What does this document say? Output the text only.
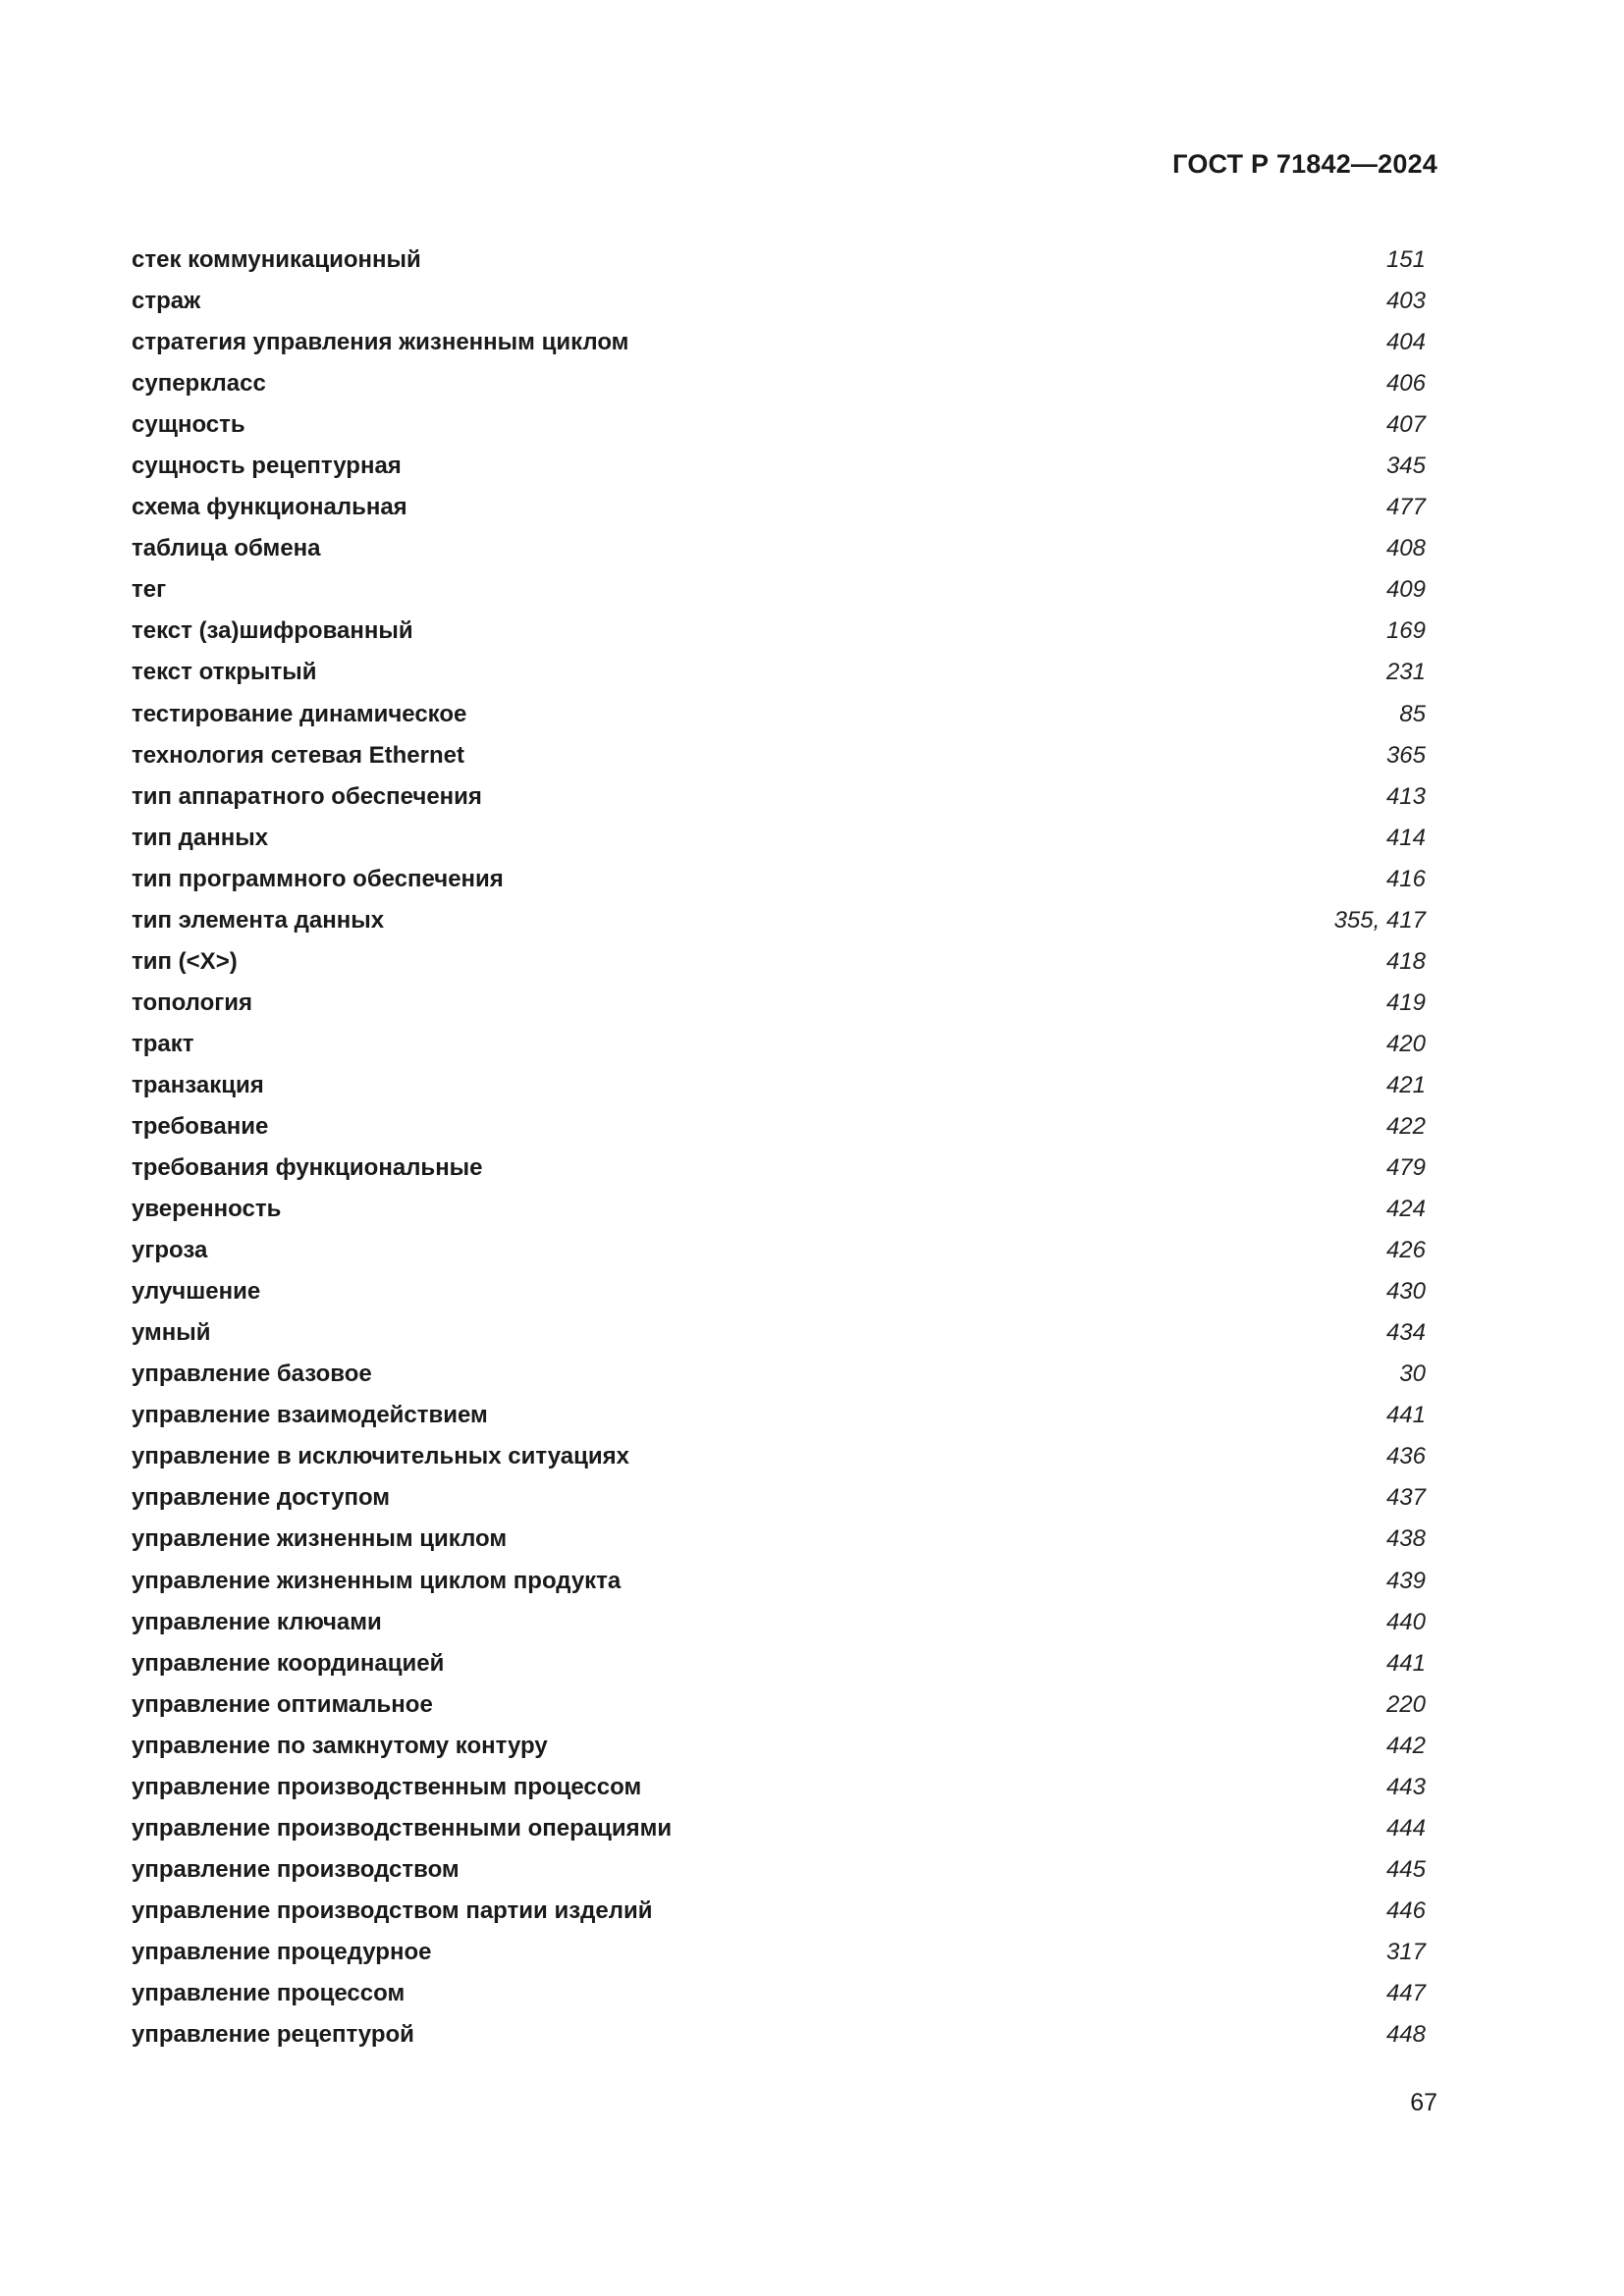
ГОСТ Р 71842—2024
стек коммуникационный	151
страж	403
стратегия управления жизненным циклом	404
суперкласс	406
сущность	407
сущность рецептурная	345
схема функциональная	477
таблица обмена	408
тег	409
текст (за)шифрованный	169
текст открытый	231
тестирование динамическое	85
технология сетевая Ethernet	365
тип аппаратного обеспечения	413
тип данных	414
тип программного обеспечения	416
тип элемента данных	355, 417
тип (<X>)	418
топология	419
тракт	420
транзакция	421
требование	422
требования функциональные	479
уверенность	424
угроза	426
улучшение	430
умный	434
управление базовое	30
управление взаимодействием	441
управление в исключительных ситуациях	436
управление доступом	437
управление жизненным циклом	438
управление жизненным циклом продукта	439
управление ключами	440
управление координацией	441
управление оптимальное	220
управление по замкнутому контуру	442
управление производственным процессом	443
управление производственными операциями	444
управление производством	445
управление производством партии изделий	446
управление процедурное	317
управление процессом	447
управление рецептурой	448
67
